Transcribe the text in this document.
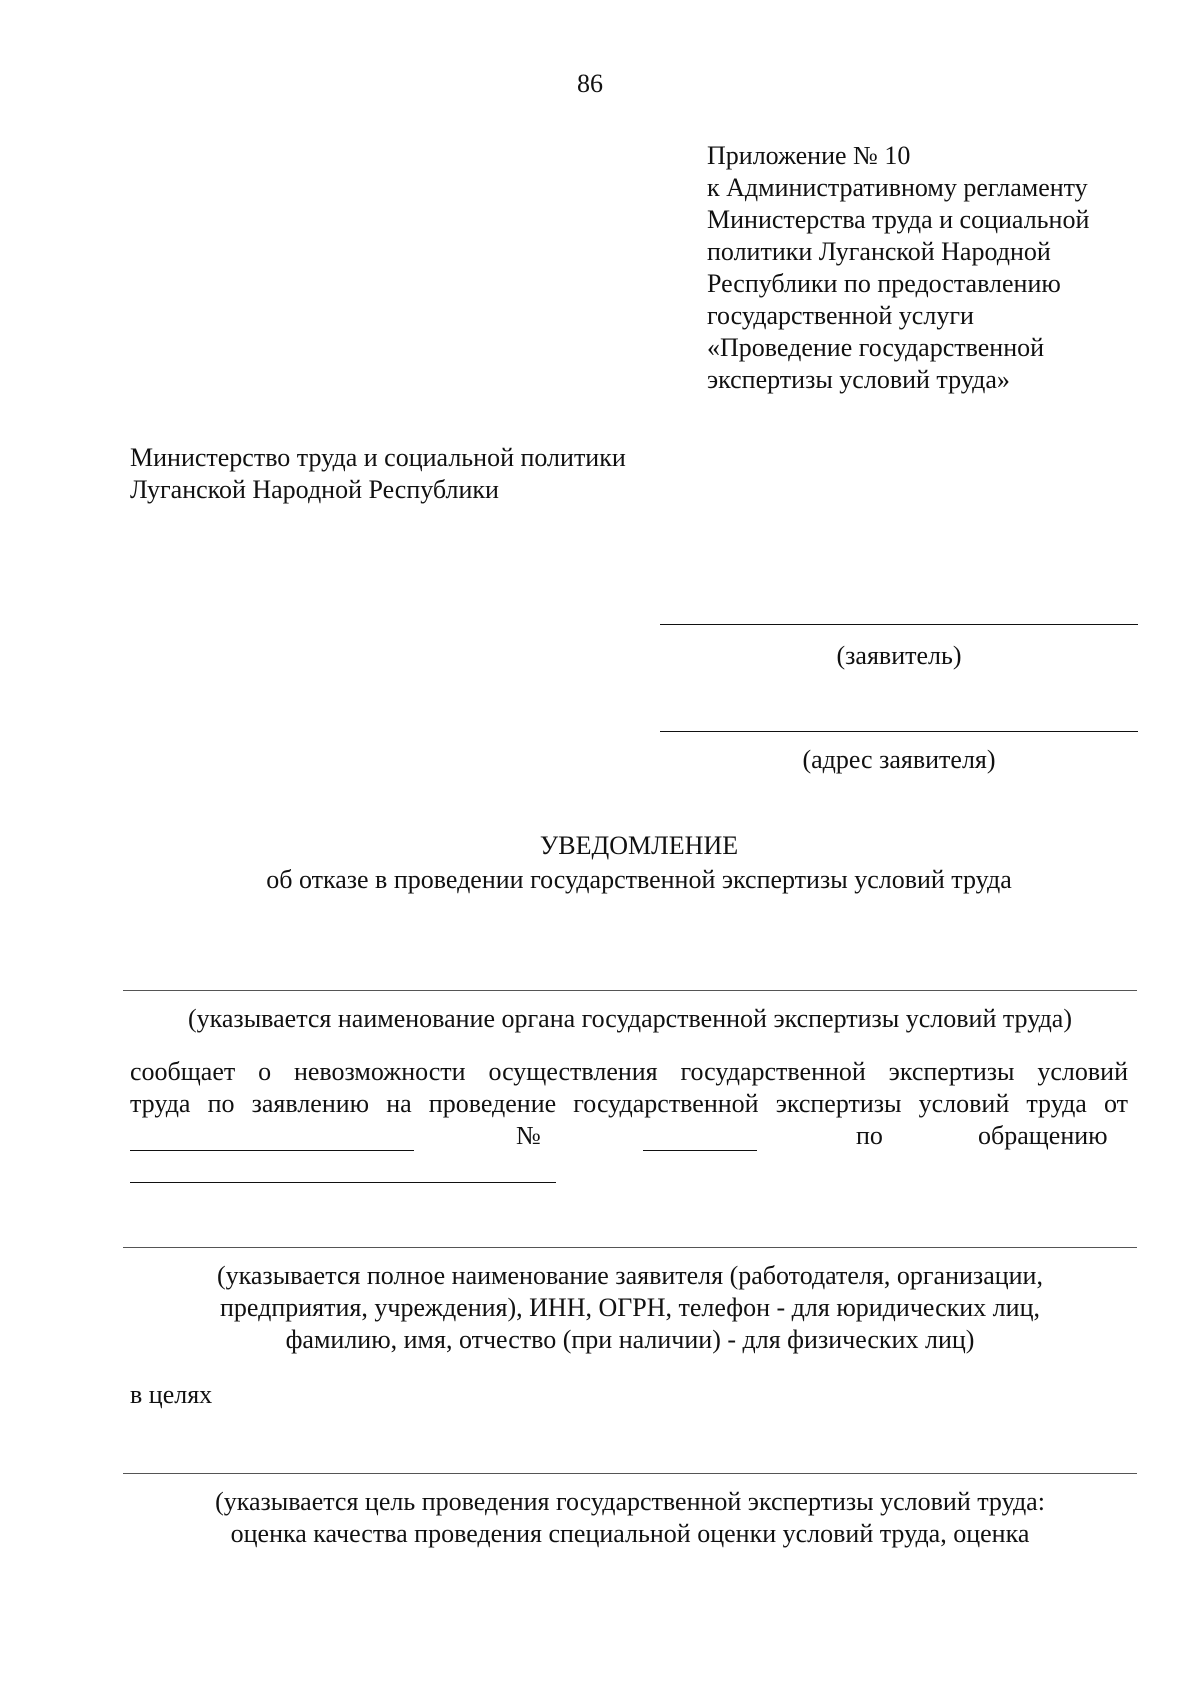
86
Приложение № 10
к Административному регламенту
Министерства труда и социальной
политики Луганской Народной
Республики по предоставлению
государственной услуги
«Проведение государственной
экспертизы условий труда»
Министерство труда и социальной политики
Луганской Народной Республики
(заявитель)
(адрес заявителя)
УВЕДОМЛЕНИЕ
об отказе в проведении государственной экспертизы условий труда
(указывается наименование органа государственной экспертизы условий труда)
сообщает о невозможности осуществления государственной экспертизы условий
труда по заявлению на проведение государственной экспертизы условий труда от
№	по	обращению
(указывается полное наименование заявителя (работодателя, организации,
предприятия, учреждения), ИНН, ОГРН, телефон - для юридических лиц,
фамилию, имя, отчество (при наличии) - для физических лиц)
в целях
(указывается цель проведения государственной экспертизы условий труда:
оценка качества проведения специальной оценки условий труда, оценка
